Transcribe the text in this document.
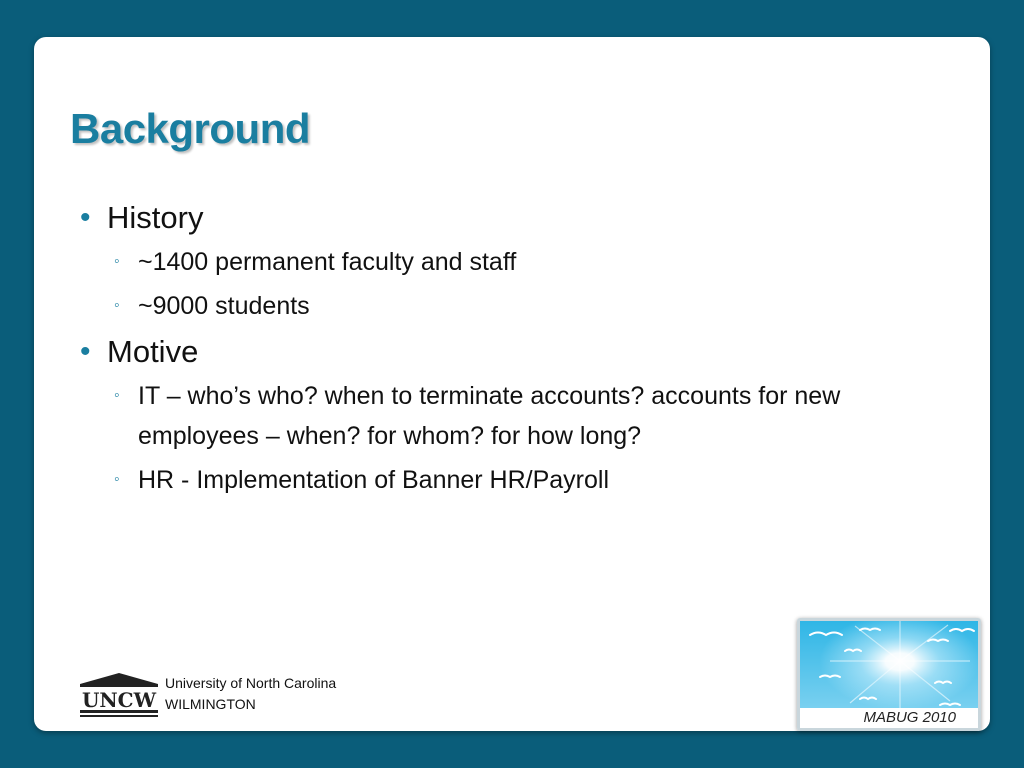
Background
• History
◦ ~1400 permanent faculty and staff
◦ ~9000 students
• Motive
◦ IT – who’s who? when to terminate accounts? accounts for new employees – when? for whom? for how long?
◦ HR - Implementation of Banner HR/Payroll
UNCW
University of North Carolina
WILMINGTON
MABUG 2010
